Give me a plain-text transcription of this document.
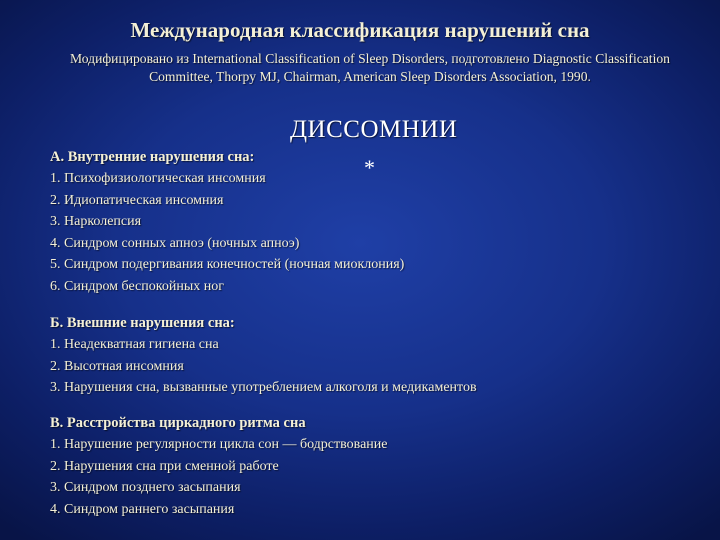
Международная классификация нарушений сна
Модифицировано из International Classification of Sleep Disorders, подготовлено Diagnostic Classification Committee, Thorpy MJ, Chairman, American Sleep Disorders Association, 1990.
ДИССОМНИИ
*
А. Внутренние нарушения сна:
1. Психофизиологическая инсомния
2. Идиопатическая инсомния
3. Нарколепсия
4. Синдром сонных апноэ (ночных апноэ)
5. Синдром подергивания конечностей (ночная миоклония)
6. Синдром беспокойных ног
Б. Внешние нарушения сна:
1. Неадекватная гигиена сна
2. Высотная инсомния
3. Нарушения сна, вызванные употреблением алкоголя и медикаментов
В. Расстройства циркадного ритма сна
1. Нарушение регулярности цикла сон — бодрствование
2. Нарушения сна при сменной работе
3. Синдром позднего засыпания
4. Синдром раннего засыпания
